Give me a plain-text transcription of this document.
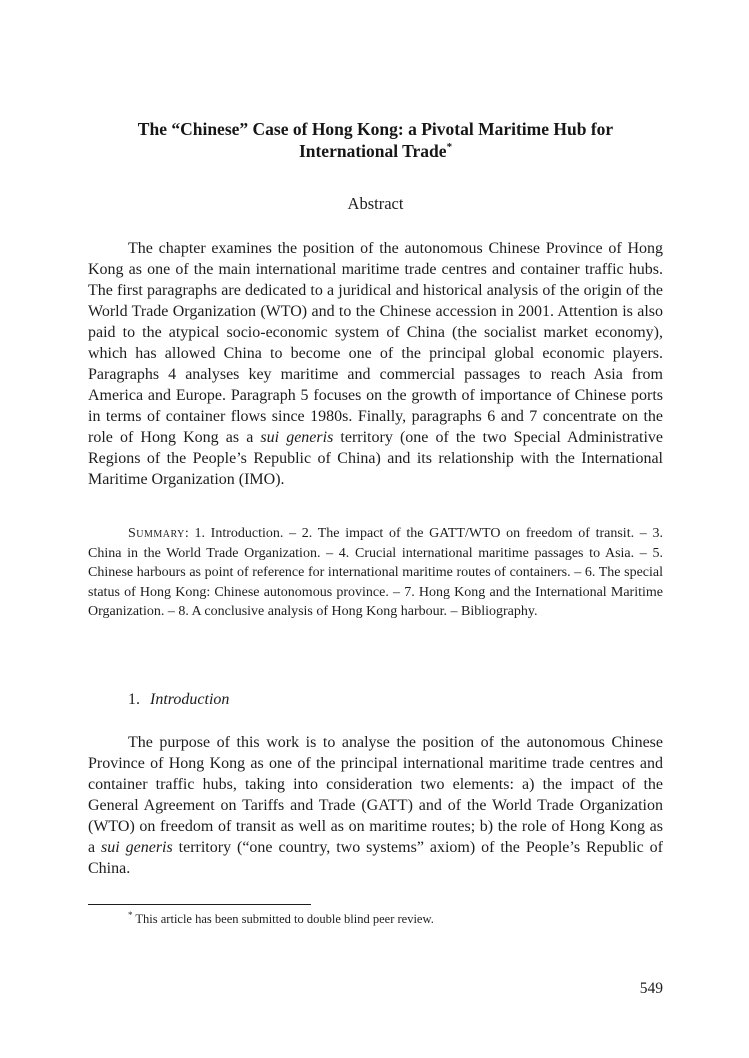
The “Chinese” Case of Hong Kong: a Pivotal Maritime Hub for International Trade*
Abstract

The chapter examines the position of the autonomous Chinese Province of Hong Kong as one of the main international maritime trade centres and container traffic hubs. The first paragraphs are dedicated to a juridical and historical analysis of the origin of the World Trade Organization (WTO) and to the Chinese accession in 2001. Attention is also paid to the atypical socio-economic system of China (the socialist market economy), which has allowed China to become one of the principal global economic players. Paragraphs 4 analyses key maritime and commercial passages to reach Asia from America and Europe. Paragraph 5 focuses on the growth of importance of Chinese ports in terms of container flows since 1980s. Finally, paragraphs 6 and 7 concentrate on the role of Hong Kong as a sui generis territory (one of the two Special Administrative Regions of the People’s Republic of China) and its relationship with the International Maritime Organization (IMO).

Summary: 1. Introduction. – 2. The impact of the GATT/WTO on freedom of transit. – 3. China in the World Trade Organization. – 4. Crucial international maritime passages to Asia. – 5. Chinese harbours as point of reference for international maritime routes of containers. – 6. The special status of Hong Kong: Chinese autonomous province. – 7. Hong Kong and the International Maritime Organization. – 8. A conclusive analysis of Hong Kong harbour. – Bibliography.

1. Introduction

The purpose of this work is to analyse the position of the autonomous Chinese Province of Hong Kong as one of the principal international maritime trade centres and container traffic hubs, taking into consideration two elements: a) the impact of the General Agreement on Tariffs and Trade (GATT) and of the World Trade Organization (WTO) on freedom of transit as well as on maritime routes; b) the role of Hong Kong as a sui generis territory (“one country, two systems” axiom) of the People’s Republic of China.

* This article has been submitted to double blind peer review.

549
